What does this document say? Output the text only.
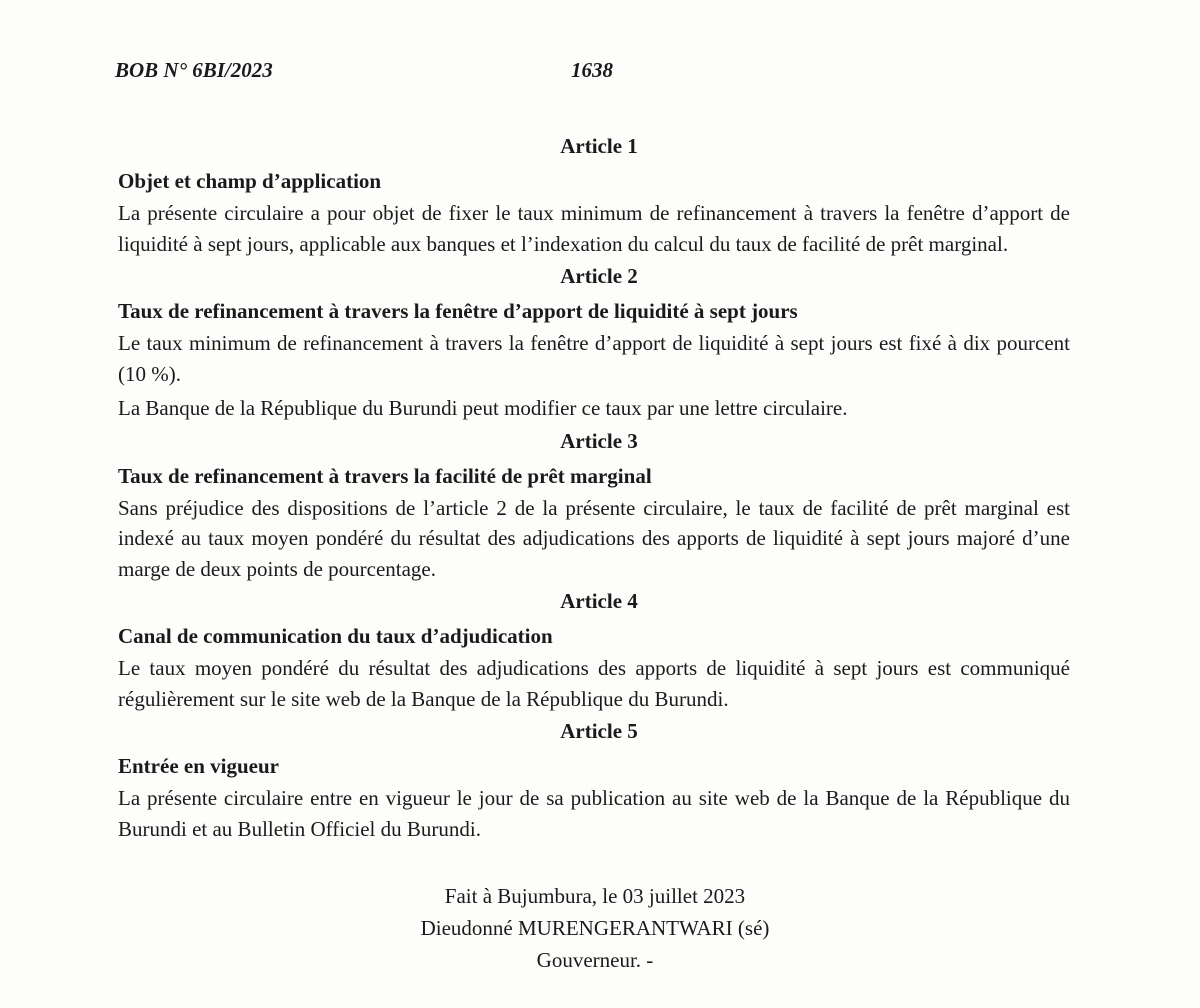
BOB N° 6BI/2023	1638
Article 1
Objet et champ d’application

La présente circulaire a pour objet de fixer le taux minimum de refinancement à travers la fenêtre d’apport de liquidité à sept jours, applicable aux banques et l’indexation du calcul du taux de facilité de prêt marginal.

Article 2
Taux de refinancement à travers la fenêtre d’apport de liquidité à sept jours

Le taux minimum de refinancement à travers la fenêtre d’apport de liquidité à sept jours est fixé à dix pourcent (10 %).

La Banque de la République du Burundi peut modifier ce taux par une lettre circulaire.

Article 3
Taux de refinancement à travers la facilité de prêt marginal

Sans préjudice des dispositions de l’article 2 de la présente circulaire, le taux de facilité de prêt marginal est indexé au taux moyen pondéré du résultat des adjudications des apports de liquidité à sept jours majoré d’une marge de deux points de pourcentage.

Article 4
Canal de communication du taux d’adjudication

Le taux moyen pondéré du résultat des adjudications des apports de liquidité à sept jours est communiqué régulièrement sur le site web de la Banque de la République du Burundi.

Article 5
Entrée en vigueur

La présente circulaire entre en vigueur le jour de sa publication au site web de la Banque de la République du Burundi et au Bulletin Officiel du Burundi.

Fait à Bujumbura, le 03 juillet 2023
Dieudonné MURENGERANTWARI (sé)
Gouverneur. -
